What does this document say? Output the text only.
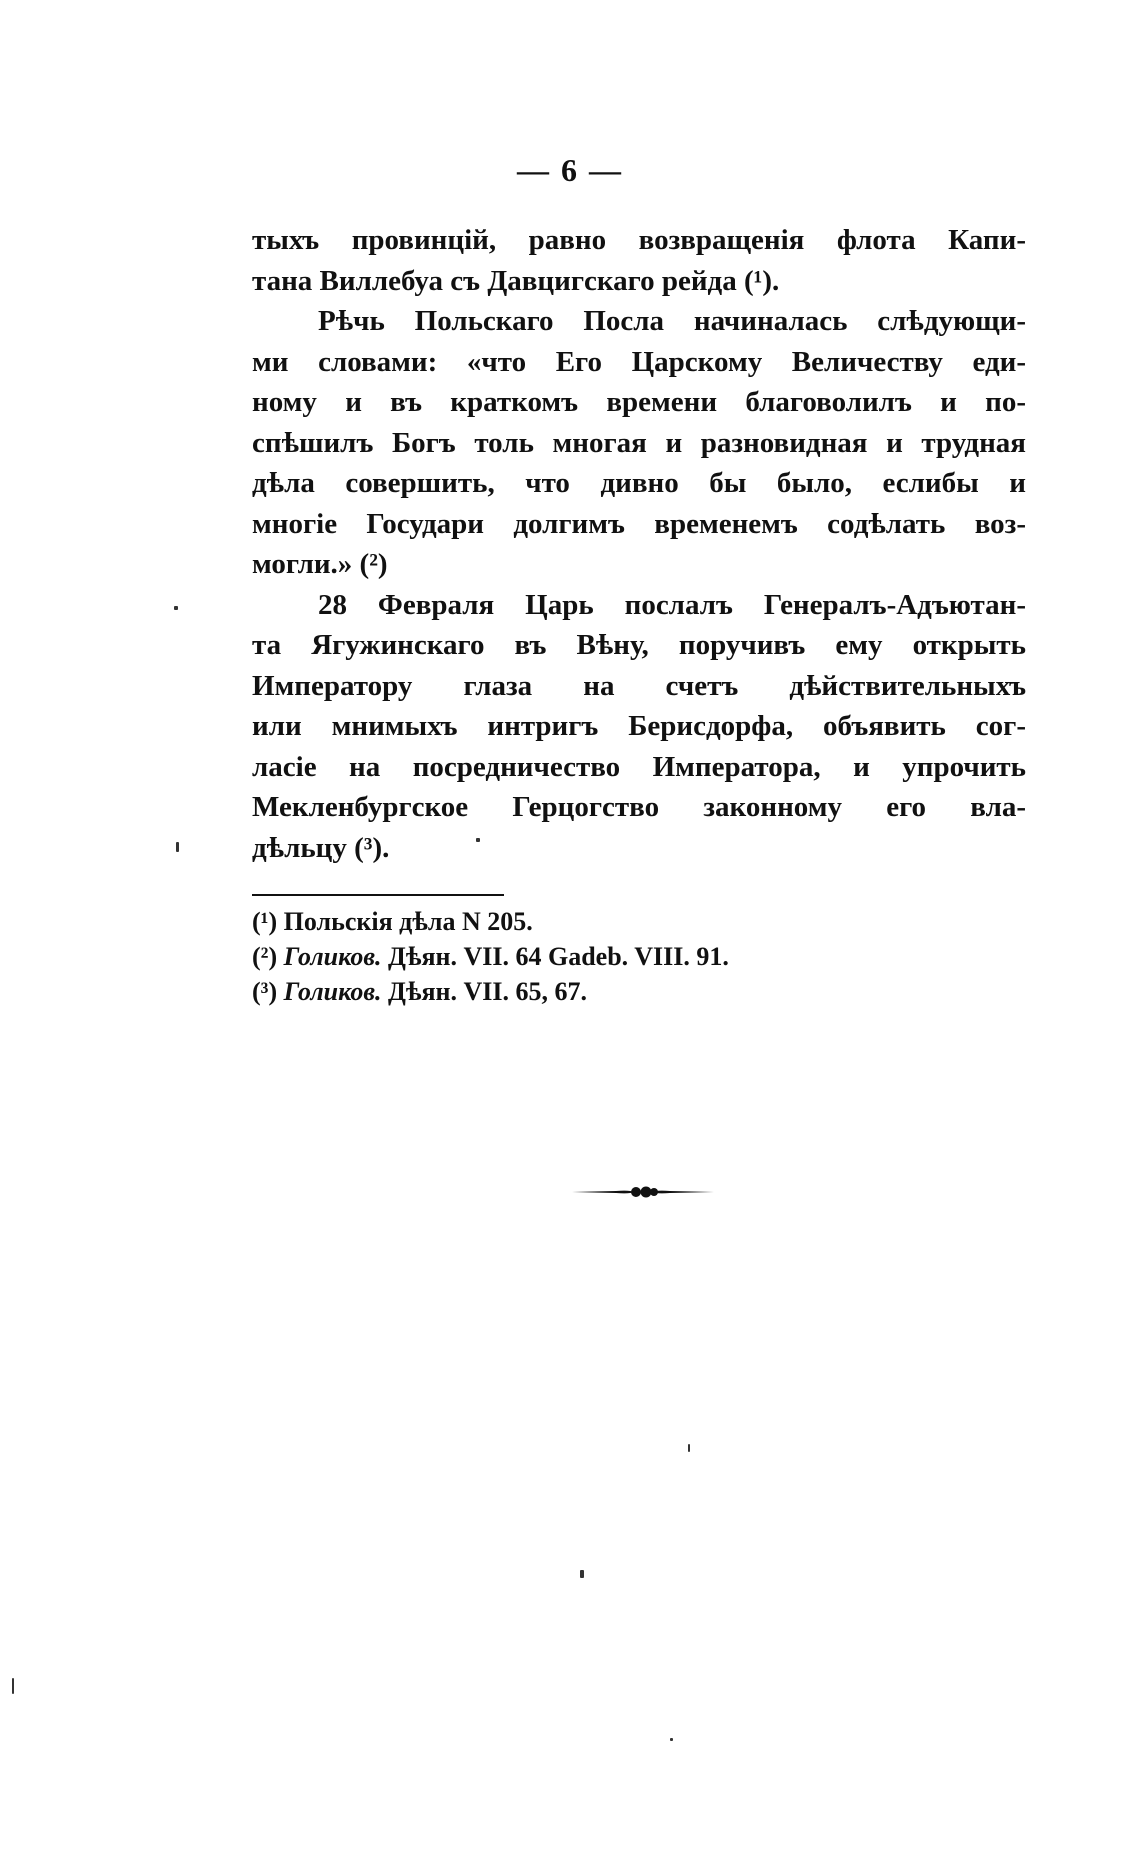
— 6 —
тыхъ провинцій, равно возвращенія флота Капи-
тана Виллебуа съ Давцигскаго рейда (¹).
Рѣчь Польскаго Посла начиналась слѣдующи-
ми словами: «что Его Царскому Величеству еди-
ному и въ краткомъ времени благоволилъ и по-
спѣшилъ Богъ толь многая и разновидная и трудная
дѣла совершить, что дивно бы было, еслибы и
многіе Государи долгимъ временемъ содѣлать воз-
могли.» (²)
28 Февраля Царь послалъ Генералъ-Адъютан-
та Ягужинскаго въ Вѣну, поручивъ ему открыть
Императору глаза на счетъ дѣйствительныхъ
или мнимыхъ интригъ Берисдорфа, объявить сог-
ласіе на посредничество Императора, и упрочить
Мекленбургское Герцогство законному его вла-
дѣльцу (³).
(¹) Польскія дѣла N 205.
(²) Голиков. Дѣян. VII. 64 Gadeb. VIII. 91.
(³) Голиков. Дѣян. VII. 65, 67.
